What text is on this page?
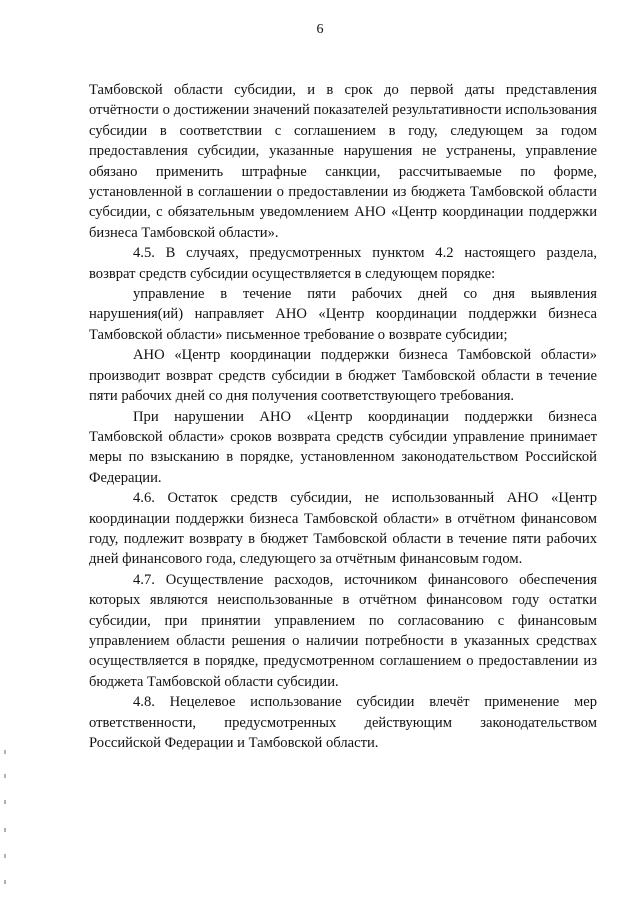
6

Тамбовской области субсидии, и в срок до первой даты представления отчётности о достижении значений показателей результативности использования субсидии в соответствии с соглашением в году, следующем за годом предоставления субсидии, указанные нарушения не устранены, управление обязано применить штрафные санкции, рассчитываемые по форме, установленной в соглашении о предоставлении из бюджета Тамбовской области субсидии, с обязательным уведомлением АНО «Центр координации поддержки бизнеса Тамбовской области».

4.5. В случаях, предусмотренных пунктом 4.2 настоящего раздела, возврат средств субсидии осуществляется в следующем порядке:

управление в течение пяти рабочих дней со дня выявления нарушения(ий) направляет АНО «Центр координации поддержки бизнеса Тамбовской области» письменное требование о возврате субсидии;

АНО «Центр координации поддержки бизнеса Тамбовской области» производит возврат средств субсидии в бюджет Тамбовской области в течение пяти рабочих дней со дня получения соответствующего требования.

При нарушении АНО «Центр координации поддержки бизнеса Тамбовской области» сроков возврата средств субсидии управление принимает меры по взысканию в порядке, установленном законодательством Российской Федерации.

4.6. Остаток средств субсидии, не использованный АНО «Центр координации поддержки бизнеса Тамбовской области» в отчётном финансовом году, подлежит возврату в бюджет Тамбовской области в течение пяти рабочих дней финансового года, следующего за отчётным финансовым годом.

4.7. Осуществление расходов, источником финансового обеспечения которых являются неиспользованные в отчётном финансовом году остатки субсидии, при принятии управлением по согласованию с финансовым управлением области решения о наличии потребности в указанных средствах осуществляется в порядке, предусмотренном соглашением о предоставлении из бюджета Тамбовской области субсидии.

4.8. Нецелевое использование субсидии влечёт применение мер ответственности, предусмотренных действующим законодательством Российской Федерации и Тамбовской области.
